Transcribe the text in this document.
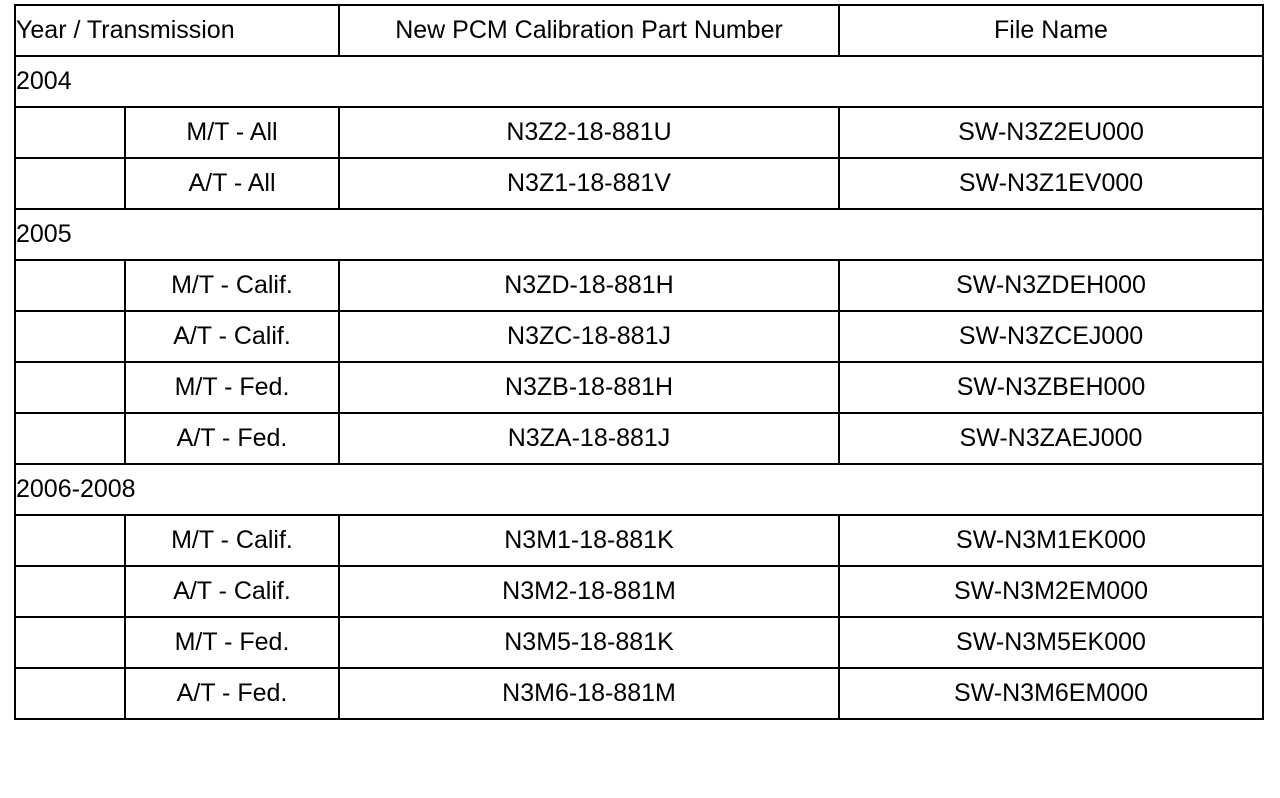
Year / Transmission		New PCM Calibration Part Number	File Name
2004			
	M/T - All	N3Z2-18-881U	SW-N3Z2EU000
	A/T - All	N3Z1-18-881V	SW-N3Z1EV000
2005			
	M/T - Calif.	N3ZD-18-881H	SW-N3ZDEH000
	A/T - Calif.	N3ZC-18-881J	SW-N3ZCEJ000
	M/T - Fed.	N3ZB-18-881H	SW-N3ZBEH000
	A/T - Fed.	N3ZA-18-881J	SW-N3ZAEJ000
2006-2008			
	M/T - Calif.	N3M1-18-881K	SW-N3M1EK000
	A/T - Calif.	N3M2-18-881M	SW-N3M2EM000
	M/T - Fed.	N3M5-18-881K	SW-N3M5EK000
	A/T - Fed.	N3M6-18-881M	SW-N3M6EM000
